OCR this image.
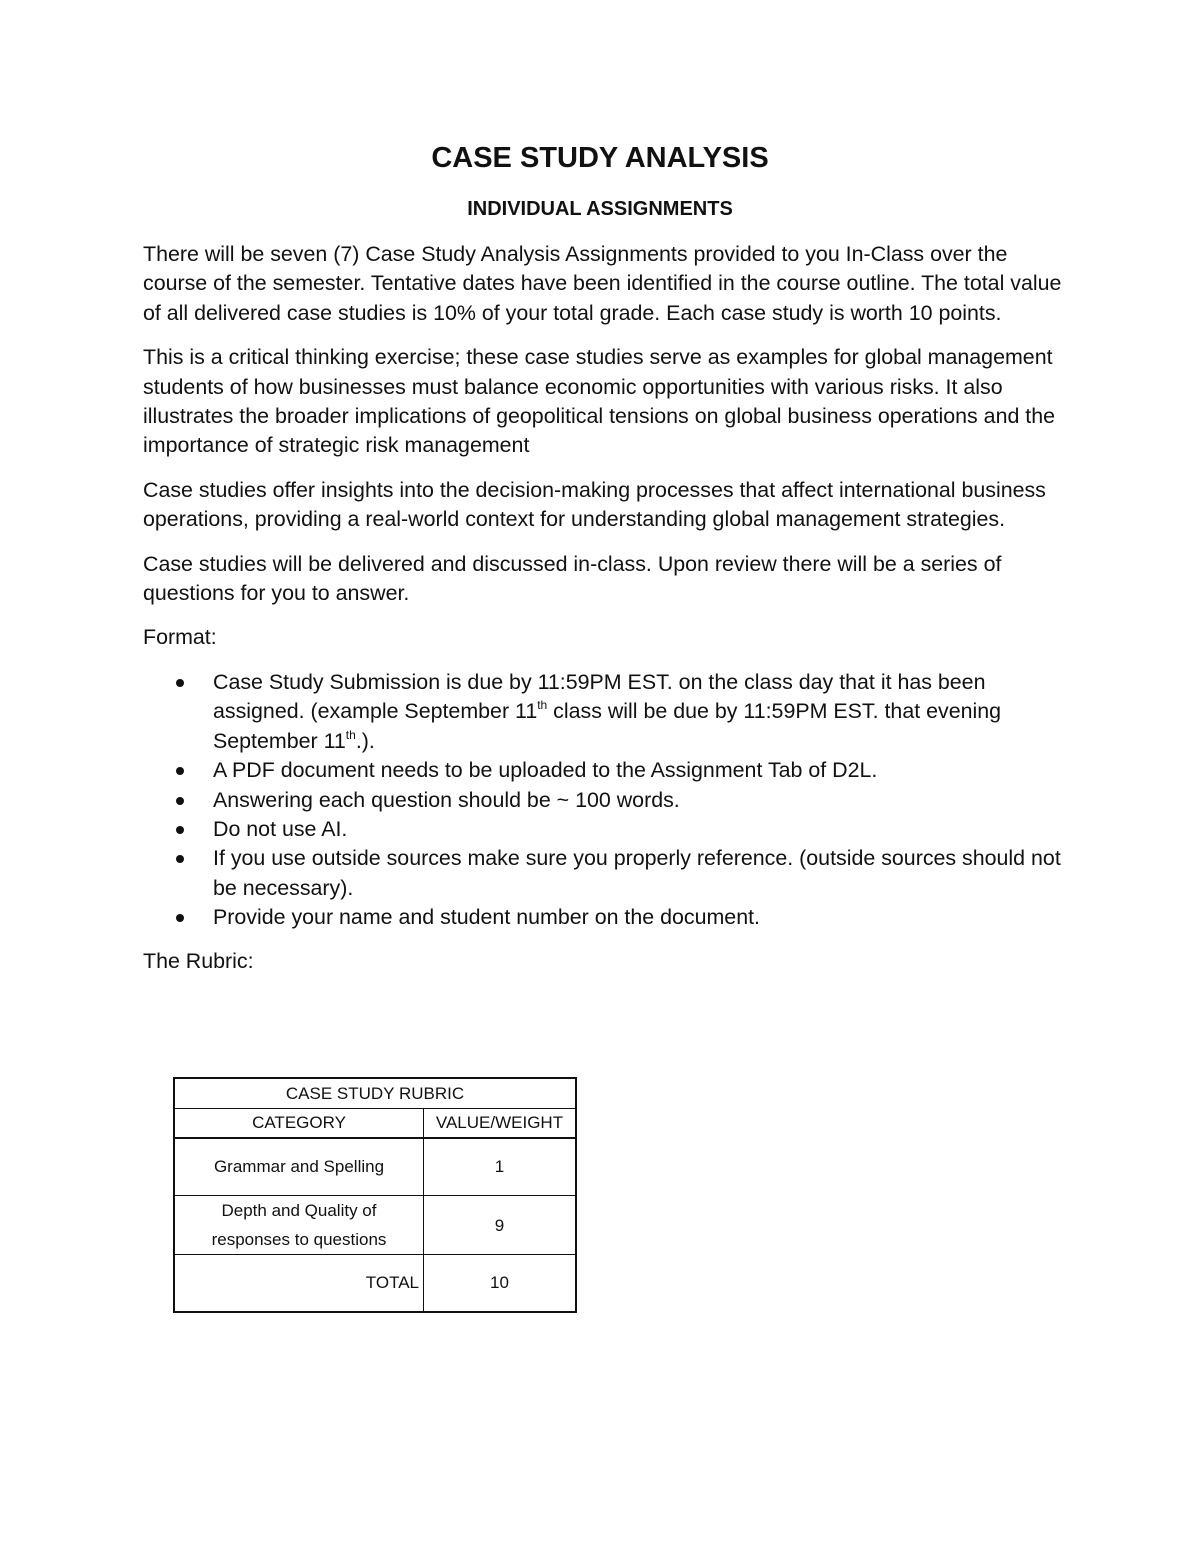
CASE STUDY ANALYSIS
INDIVIDUAL ASSIGNMENTS

There will be seven (7) Case Study Analysis Assignments provided to you In-Class over the course of the semester. Tentative dates have been identified in the course outline. The total value of all delivered case studies is 10% of your total grade. Each case study is worth 10 points.

This is a critical thinking exercise; these case studies serve as examples for global management students of how businesses must balance economic opportunities with various risks. It also illustrates the broader implications of geopolitical tensions on global business operations and the importance of strategic risk management

Case studies offer insights into the decision-making processes that affect international business operations, providing a real-world context for understanding global management strategies.

Case studies will be delivered and discussed in-class. Upon review there will be a series of questions for you to answer.

Format:

Case Study Submission is due by 11:59PM EST. on the class day that it has been assigned. (example September 11th class will be due by 11:59PM EST. that evening September 11th.).
A PDF document needs to be uploaded to the Assignment Tab of D2L.
Answering each question should be ~ 100 words.
Do not use AI.
If you use outside sources make sure you properly reference. (outside sources should not be necessary).
Provide your name and student number on the document.

The Rubric:

CASE STUDY RUBRIC	
CATEGORY	VALUE/WEIGHT
Grammar and Spelling	1
Depth and Quality of
responses to questions	9
TOTAL	10
